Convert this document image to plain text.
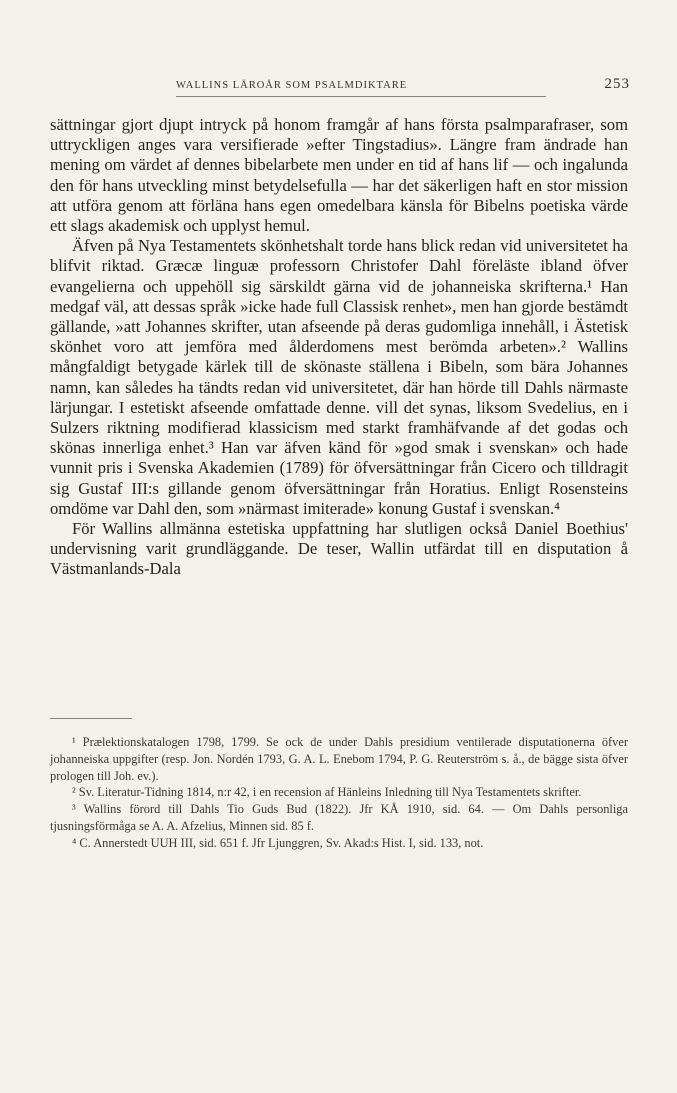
WALLINS LÄROÅR SOM PSALMDIKTARE	253

sättningar gjort djupt intryck på honom framgår af hans första psalmparafraser, som uttryckligen anges vara versifierade »efter Tingstadius». Längre fram ändrade han mening om värdet af dennes bibelarbete men under en tid af hans lif — och ingalunda den för hans utveckling minst betydelsefulla — har det säkerligen haft en stor mission att utföra genom att förläna hans egen omedelbara känsla för Bibelns poetiska värde ett slags akademisk och upplyst hemul.

Äfven på Nya Testamentets skönhetshalt torde hans blick redan vid universitetet ha blifvit riktad. Græcæ linguæ professorn Christofer Dahl föreläste ibland öfver evangelierna och uppehöll sig särskildt gärna vid de johanneiska skrifterna.¹ Han medgaf väl, att dessas språk »icke hade full Classisk renhet», men han gjorde bestämdt gällande, »att Johannes skrifter, utan afseende på deras gudomliga innehåll, i Ästetisk skönhet voro att jemföra med ålderdomens mest berömda arbeten».² Wallins mångfaldigt betygade kärlek till de skönaste ställena i Bibeln, som bära Johannes namn, kan således ha tändts redan vid universitetet, där han hörde till Dahls närmaste lärjungar. I estetiskt afseende omfattade denne. vill det synas, liksom Svedelius, en i Sulzers riktning modifierad klassicism med starkt framhäfvande af det godas och skönas innerliga enhet.³ Han var äfven känd för »god smak i svenskan» och hade vunnit pris i Svenska Akademien (1789) för öfversättningar från Cicero och tilldragit sig Gustaf III:s gillande genom öfversättningar från Horatius. Enligt Rosensteins omdöme var Dahl den, som »närmast imiterade» konung Gustaf i svenskan.⁴

För Wallins allmänna estetiska uppfattning har slutligen också Daniel Boethius' undervisning varit grundläggande. De teser, Wallin utfärdat till en disputation å Västmanlands-Dala

¹ Prælektionskatalogen 1798, 1799. Se ock de under Dahls presidium ventilerade disputationerna öfver johanneiska uppgifter (resp. Jon. Nordén 1793, G. A. L. Enebom 1794, P. G. Reuterström s. å., de bägge sista öfver prologen till Joh. ev.).

² Sv. Literatur-Tidning 1814, n:r 42, i en recension af Hänleins Inledning till Nya Testamentets skrifter.

³ Wallins förord till Dahls Tio Guds Bud (1822). Jfr KÅ 1910, sid. 64. — Om Dahls personliga tjusningsförmåga se A. A. Afzelius, Minnen sid. 85 f.

⁴ C. Annerstedt UUH III, sid. 651 f. Jfr Ljunggren, Sv. Akad:s Hist. I, sid. 133, not.
